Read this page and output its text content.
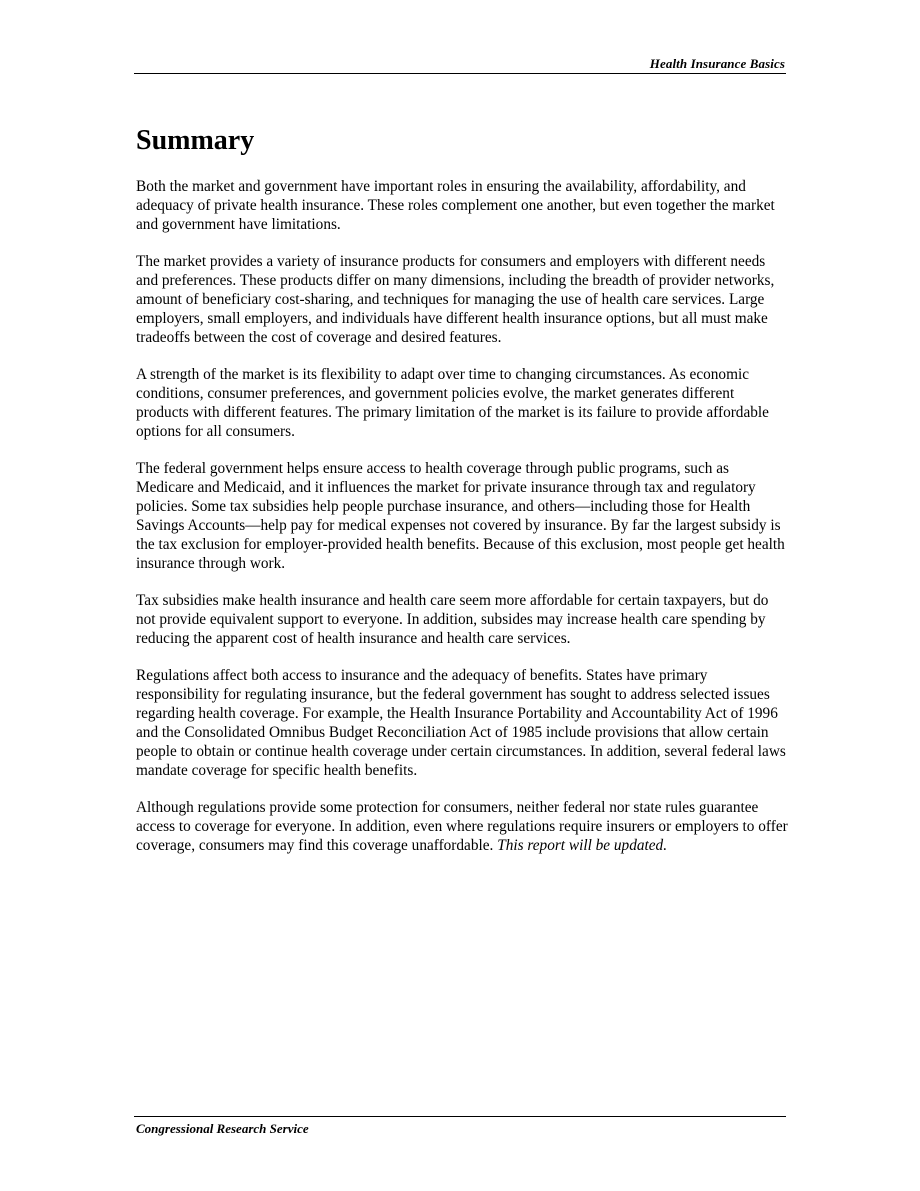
Health Insurance Basics
Summary

Both the market and government have important roles in ensuring the availability, affordability, and adequacy of private health insurance. These roles complement one another, but even together the market and government have limitations.

The market provides a variety of insurance products for consumers and employers with different needs and preferences. These products differ on many dimensions, including the breadth of provider networks, amount of beneficiary cost-sharing, and techniques for managing the use of health care services. Large employers, small employers, and individuals have different health insurance options, but all must make tradeoffs between the cost of coverage and desired features.

A strength of the market is its flexibility to adapt over time to changing circumstances. As economic conditions, consumer preferences, and government policies evolve, the market generates different products with different features. The primary limitation of the market is its failure to provide affordable options for all consumers.

The federal government helps ensure access to health coverage through public programs, such as Medicare and Medicaid, and it influences the market for private insurance through tax and regulatory policies. Some tax subsidies help people purchase insurance, and others—including those for Health Savings Accounts—help pay for medical expenses not covered by insurance. By far the largest subsidy is the tax exclusion for employer-provided health benefits. Because of this exclusion, most people get health insurance through work.

Tax subsidies make health insurance and health care seem more affordable for certain taxpayers, but do not provide equivalent support to everyone. In addition, subsides may increase health care spending by reducing the apparent cost of health insurance and health care services.

Regulations affect both access to insurance and the adequacy of benefits. States have primary responsibility for regulating insurance, but the federal government has sought to address selected issues regarding health coverage. For example, the Health Insurance Portability and Accountability Act of 1996 and the Consolidated Omnibus Budget Reconciliation Act of 1985 include provisions that allow certain people to obtain or continue health coverage under certain circumstances. In addition, several federal laws mandate coverage for specific health benefits.

Although regulations provide some protection for consumers, neither federal nor state rules guarantee access to coverage for everyone. In addition, even where regulations require insurers or employers to offer coverage, consumers may find this coverage unaffordable. This report will be updated.

Congressional Research Service
